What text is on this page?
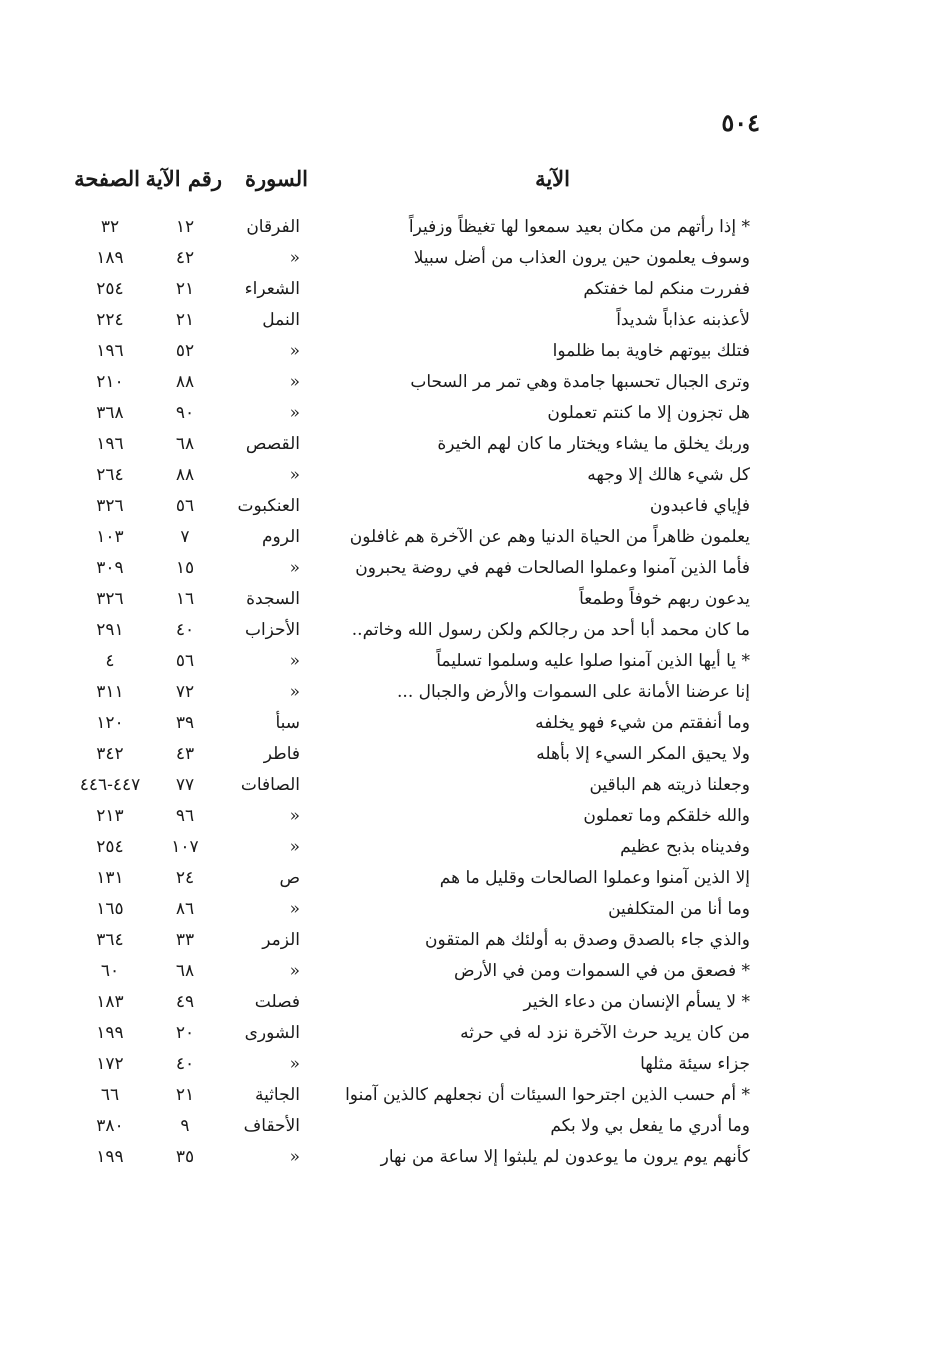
٥٠٤
الآية
السورة
رقم الآية
الصفحة
* إذا رأتهم من مكان بعيد سمعوا لها تغيظاً وزفيراً
الفرقان
١٢
٣٢
وسوف يعلمون حين يرون العذاب من أضل سبيلا
«
٤٢
١٨٩
ففررت منكم لما خفتكم
الشعراء
٢١
٢٥٤
لأعذبنه عذاباً شديداً
النمل
٢١
٢٢٤
فتلك بيوتهم خاوية بما ظلموا
«
٥٢
١٩٦
وترى الجبال تحسبها جامدة وهي تمر مر السحاب
«
٨٨
٢١٠
هل تجزون إلا ما كنتم تعملون
«
٩٠
٣٦٨
وربك يخلق ما يشاء ويختار ما كان لهم الخيرة
القصص
٦٨
١٩٦
كل شيء هالك إلا وجهه
«
٨٨
٢٦٤
فإياي فاعبدون
العنكبوت
٥٦
٣٢٦
يعلمون ظاهراً من الحياة الدنيا وهم عن الآخرة هم غافلون
الروم
٧
١٠٣
فأما الذين آمنوا وعملوا الصالحات فهم في روضة يحبرون
«
١٥
٣٠٩
يدعون ربهم خوفاً وطمعاً
السجدة
١٦
٣٢٦
ما كان محمد أبا أحد من رجالكم ولكن رسول الله وخاتم..
الأحزاب
٤٠
٢٩١
* يا أيها الذين آمنوا صلوا عليه وسلموا تسليماً
«
٥٦
٤
إنا عرضنا الأمانة على السموات والأرض والجبال ...
«
٧٢
٣١١
وما أنفقتم من شيء فهو يخلفه
سبأ
٣٩
١٢٠
ولا يحيق المكر السيء إلا بأهله
فاطر
٤٣
٣٤٢
وجعلنا ذريته هم الباقين
الصافات
٧٧
٤٤٧-٤٤٦
والله خلقكم وما تعملون
«
٩٦
٢١٣
وفديناه بذبح عظيم
«
١٠٧
٢٥٤
إلا الذين آمنوا وعملوا الصالحات وقليل ما هم
ص
٢٤
١٣١
وما أنا من المتكلفين
«
٨٦
١٦٥
والذي جاء بالصدق وصدق به أولئك هم المتقون
الزمر
٣٣
٣٦٤
* فصعق من في السموات ومن في الأرض
«
٦٨
٦٠
* لا يسأم الإنسان من دعاء الخير
فصلت
٤٩
١٨٣
من كان يريد حرث الآخرة نزد له في حرثه
الشورى
٢٠
١٩٩
جزاء سيئة مثلها
«
٤٠
١٧٢
* أم حسب الذين اجترحوا السيئات أن نجعلهم كالذين آمنوا
الجاثية
٢١
٦٦
وما أدري ما يفعل بي ولا بكم
الأحقاف
٩
٣٨٠
كأنهم يوم يرون ما يوعدون لم يلبثوا إلا ساعة من نهار
«
٣٥
١٩٩
